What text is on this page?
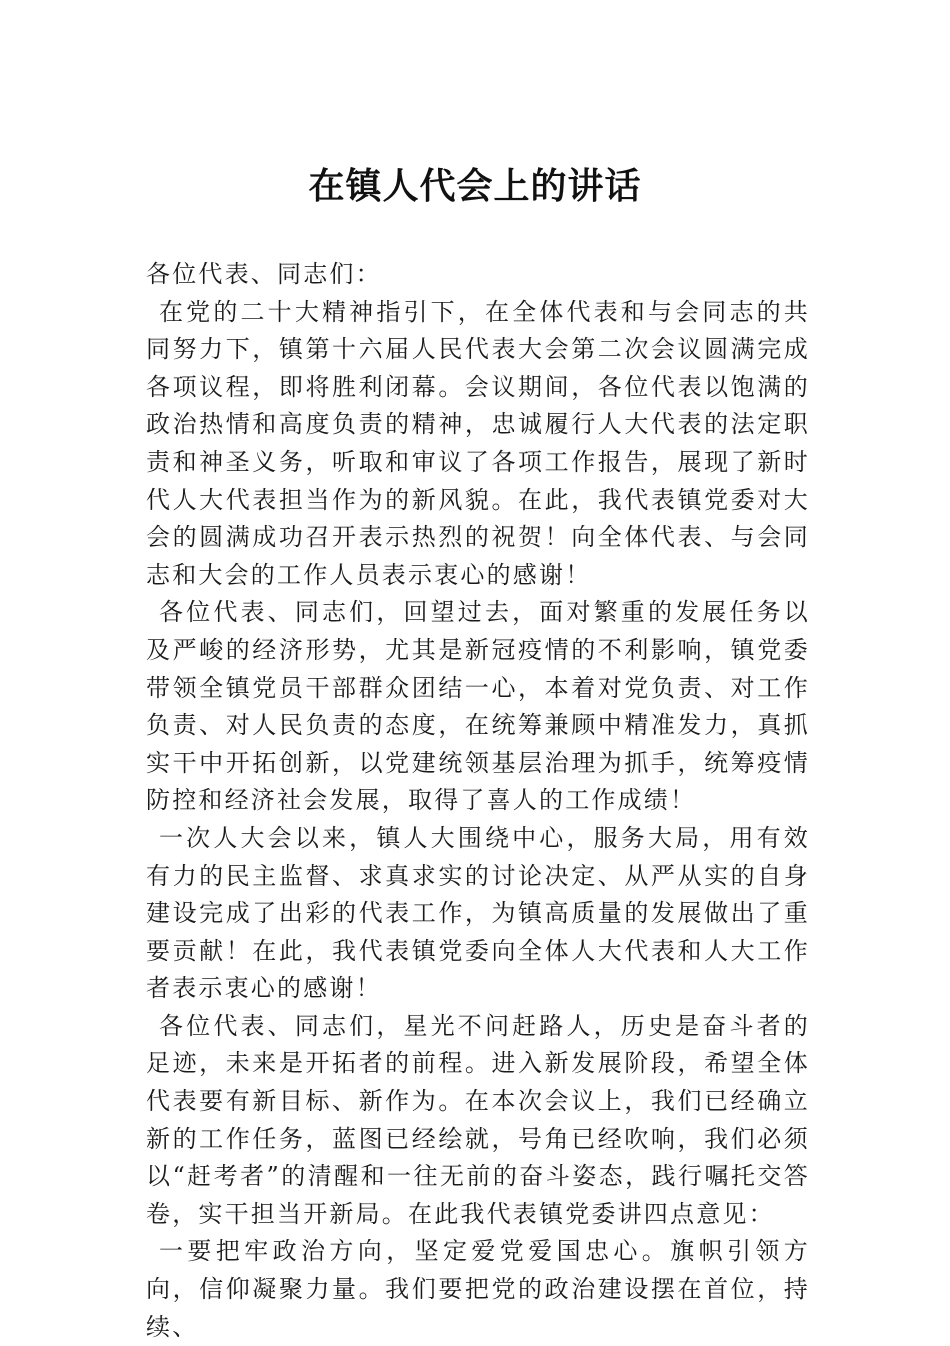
在镇人代会上的讲话

各位代表、同志们：

在党的二十大精神指引下，在全体代表和与会同志的共同努力下，镇第十六届人民代表大会第二次会议圆满完成各项议程，即将胜利闭幕。会议期间，各位代表以饱满的政治热情和高度负责的精神，忠诚履行人大代表的法定职责和神圣义务，听取和审议了各项工作报告，展现了新时代人大代表担当作为的新风貌。在此，我代表镇党委对大会的圆满成功召开表示热烈的祝贺！向全体代表、与会同志和大会的工作人员表示衷心的感谢！

各位代表、同志们，回望过去，面对繁重的发展任务以及严峻的经济形势，尤其是新冠疫情的不利影响，镇党委带领全镇党员干部群众团结一心，本着对党负责、对工作负责、对人民负责的态度，在统筹兼顾中精准发力，真抓实干中开拓创新，以党建统领基层治理为抓手，统筹疫情防控和经济社会发展，取得了喜人的工作成绩！

一次人大会以来，镇人大围绕中心，服务大局，用有效有力的民主监督、求真求实的讨论决定、从严从实的自身建设完成了出彩的代表工作，为镇高质量的发展做出了重要贡献！在此，我代表镇党委向全体人大代表和人大工作者表示衷心的感谢！

各位代表、同志们，星光不问赶路人，历史是奋斗者的足迹，未来是开拓者的前程。进入新发展阶段，希望全体代表要有新目标、新作为。在本次会议上，我们已经确立新的工作任务，蓝图已经绘就，号角已经吹响，我们必须以“赶考者”的清醒和一往无前的奋斗姿态，践行嘱托交答卷，实干担当开新局。在此我代表镇党委讲四点意见：

一要把牢政治方向，坚定爱党爱国忠心。旗帜引领方向，信仰凝聚力量。我们要把党的政治建设摆在首位，持续、
